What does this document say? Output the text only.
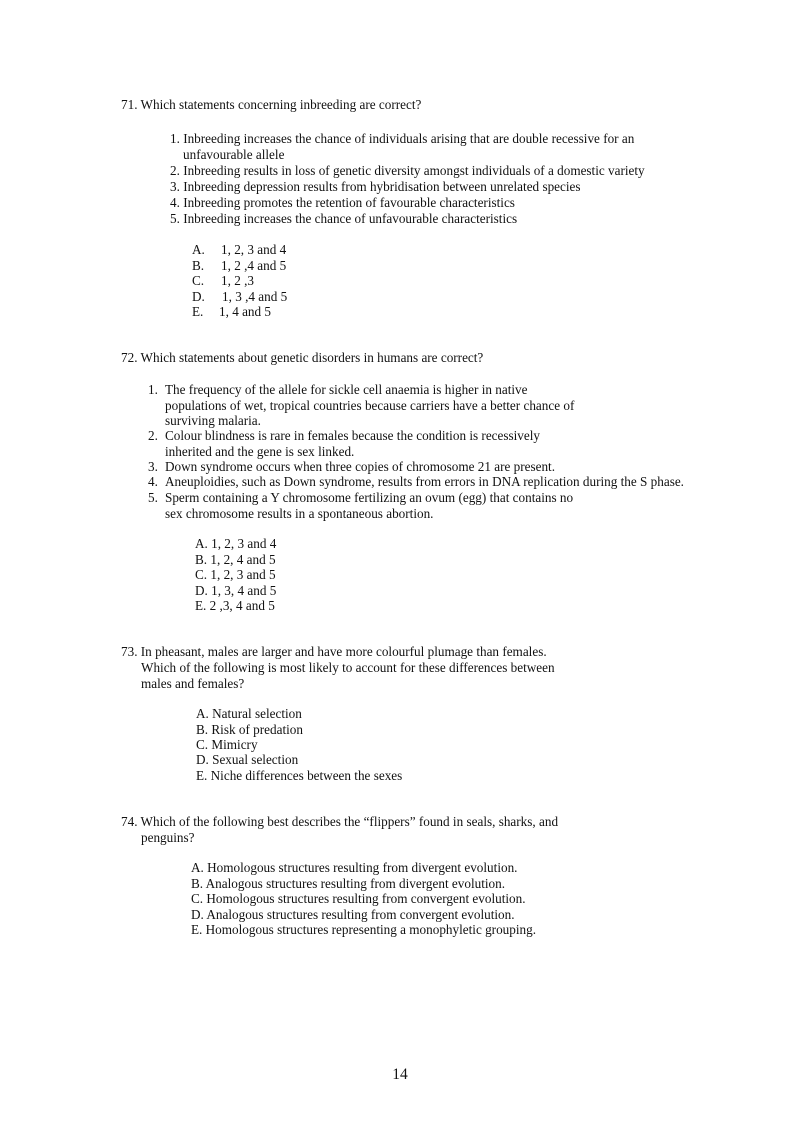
71. Which statements concerning inbreeding are correct?
1. Inbreeding increases the chance of individuals arising that are double recessive for an
unfavourable allele
2. Inbreeding results in loss of genetic diversity amongst individuals of a domestic variety
3. Inbreeding depression results from hybridisation between unrelated species
4. Inbreeding promotes the retention of favourable characteristics
5. Inbreeding increases the chance of unfavourable characteristics
A. 1, 2, 3 and 4
B. 1, 2 ,4 and 5
C. 1, 2 ,3
D. 1, 3 ,4 and 5
E. 1, 4 and 5
72. Which statements about genetic disorders in humans are correct?
1. The frequency of the allele for sickle cell anaemia is higher in native
populations of wet, tropical countries because carriers have a better chance of
surviving malaria.
2. Colour blindness is rare in females because the condition is recessively
inherited and the gene is sex linked.
3. Down syndrome occurs when three copies of chromosome 21 are present.
4. Aneuploidies, such as Down syndrome, results from errors in DNA replication during the S phase.
5. Sperm containing a Y chromosome fertilizing an ovum (egg) that contains no
sex chromosome results in a spontaneous abortion.
A. 1, 2, 3 and 4
B. 1, 2, 4 and 5
C. 1, 2, 3 and 5
D. 1, 3, 4 and 5
E. 2 ,3, 4 and 5
73. In pheasant, males are larger and have more colourful plumage than females.
Which of the following is most likely to account for these differences between
males and females?
A. Natural selection
B. Risk of predation
C. Mimicry
D. Sexual selection
E. Niche differences between the sexes
74. Which of the following best describes the “flippers” found in seals, sharks, and
penguins?
A. Homologous structures resulting from divergent evolution.
B. Analogous structures resulting from divergent evolution.
C. Homologous structures resulting from convergent evolution.
D. Analogous structures resulting from convergent evolution.
E. Homologous structures representing a monophyletic grouping.
14
